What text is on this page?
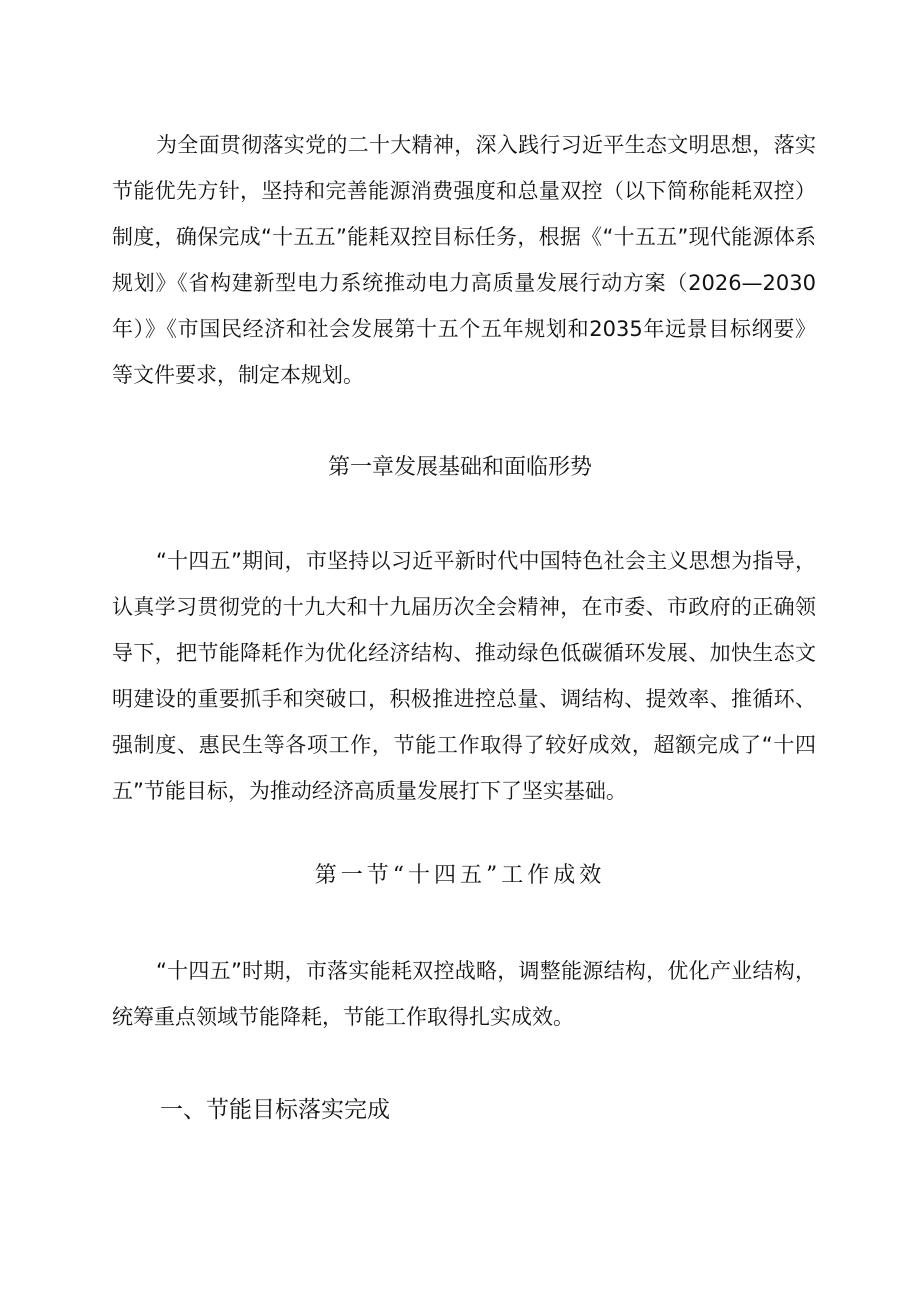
为全面贯彻落实党的二十大精神，深入践行习近平生态文明思想，落实节能优先方针，坚持和完善能源消费强度和总量双控（以下简称能耗双控）制度，确保完成“十五五”能耗双控目标任务，根据《“十五五”现代能源体系规划》《省构建新型电力系统推动电力高质量发展行动方案（2026—2030年）》《市国民经济和社会发展第十五个五年规划和2035年远景目标纲要》等文件要求，制定本规划。

第一章发展基础和面临形势

“十四五”期间，市坚持以习近平新时代中国特色社会主义思想为指导，认真学习贯彻党的十九大和十九届历次全会精神，在市委、市政府的正确领导下，把节能降耗作为优化经济结构、推动绿色低碳循环发展、加快生态文明建设的重要抓手和突破口，积极推进控总量、调结构、提效率、推循环、强制度、惠民生等各项工作，节能工作取得了较好成效，超额完成了“十四五”节能目标，为推动经济高质量发展打下了坚实基础。

第一节“十四五”工作成效

“十四五”时期，市落实能耗双控战略，调整能源结构，优化产业结构，统筹重点领域节能降耗，节能工作取得扎实成效。

一、节能目标落实完成
